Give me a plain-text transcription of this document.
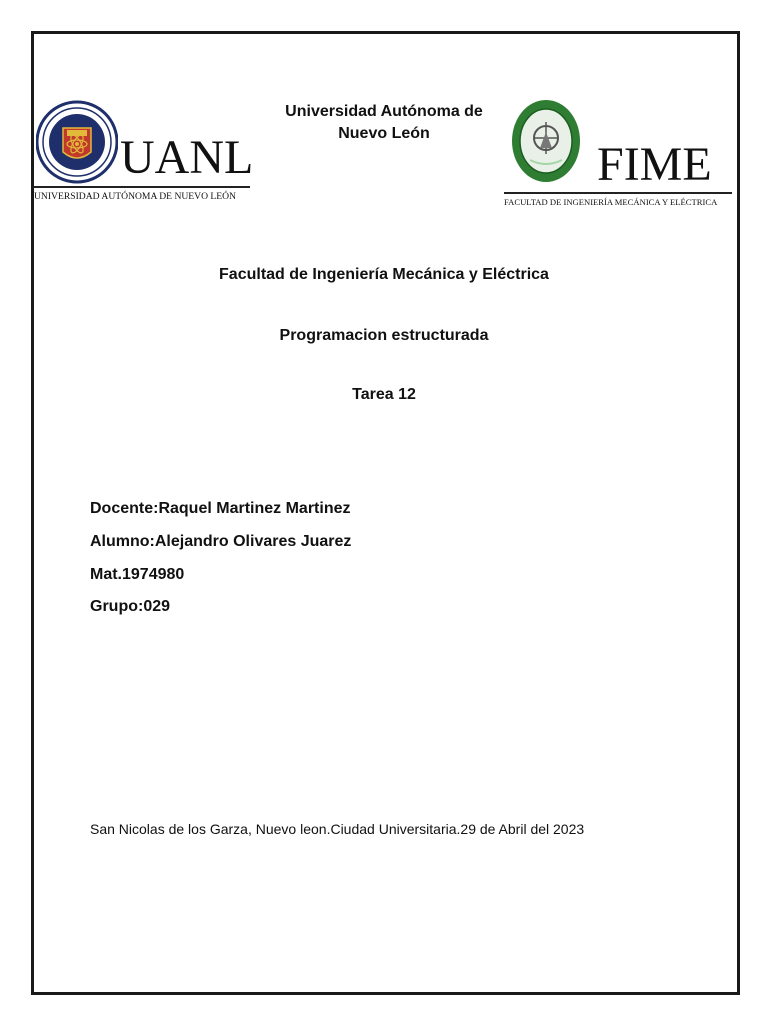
UANL
UNIVERSIDAD AUTÓNOMA DE NUEVO LEÓN
Universidad Autónoma de
Nuevo León
FIME
FACULTAD DE INGENIERÍA MECÁNICA Y ELÉCTRICA
Facultad de Ingeniería Mecánica y Eléctrica
Programacion estructurada
Tarea 12
Docente:Raquel Martinez Martinez
Alumno:Alejandro Olivares Juarez
Mat.1974980
Grupo:029
San Nicolas de los Garza, Nuevo leon.Ciudad Universitaria.29 de Abril del 2023
